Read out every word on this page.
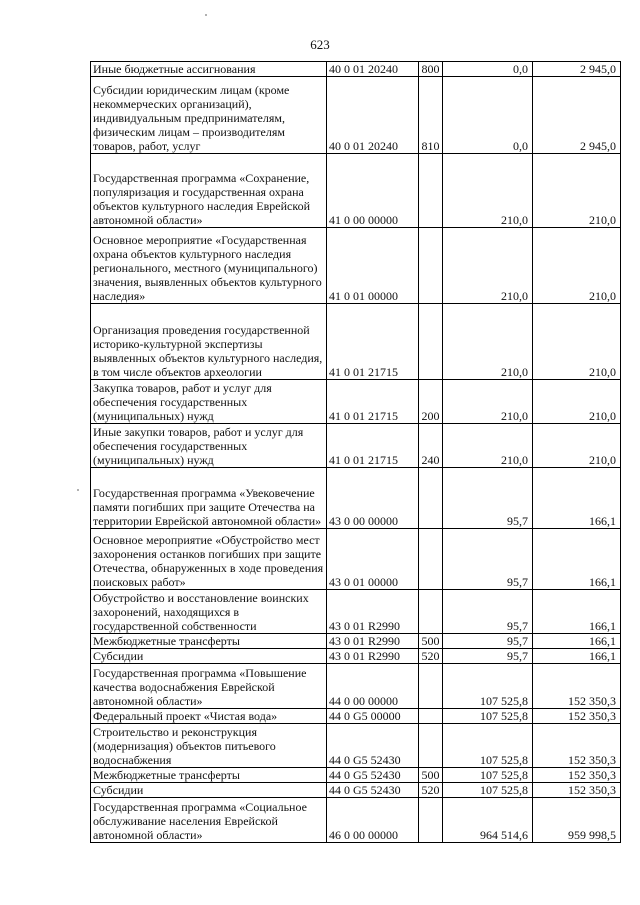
623
Иные бюджетные ассигнования	40 0 01 20240	800	0,0	2 945,0
Субсидии юридическим лицам (кроме некоммерческих организаций), индивидуальным предпринимателям, физическим лицам – производителям товаров, работ, услуг	40 0 01 20240	810	0,0	2 945,0
Государственная программа «Сохранение, популяризация и государственная охрана объектов культурного наследия Еврейской автономной области»	41 0 00 00000		210,0	210,0
Основное мероприятие «Государственная охрана объектов культурного наследия регионального, местного (муниципального) значения, выявленных объектов культурного наследия»	41 0 01 00000		210,0	210,0
Организация проведения государственной историко-культурной экспертизы выявленных объектов культурного наследия, в том числе объектов археологии	41 0 01 21715		210,0	210,0
Закупка товаров, работ и услуг для обеспечения государственных (муниципальных) нужд	41 0 01 21715	200	210,0	210,0
Иные закупки товаров, работ и услуг для обеспечения государственных (муниципальных) нужд	41 0 01 21715	240	210,0	210,0
Государственная программа «Увековечение памяти погибших при защите Отечества на территории Еврейской автономной области»	43 0 00 00000		95,7	166,1
Основное мероприятие «Обустройство мест захоронения останков погибших при защите Отечества, обнаруженных в ходе проведения поисковых работ»	43 0 01 00000		95,7	166,1
Обустройство и восстановление воинских захоронений, находящихся в государственной собственности	43 0 01 R2990		95,7	166,1
Межбюджетные трансферты	43 0 01 R2990	500	95,7	166,1
Субсидии	43 0 01 R2990	520	95,7	166,1
Государственная программа «Повышение качества водоснабжения Еврейской автономной области»	44 0 00 00000		107 525,8	152 350,3
Федеральный проект «Чистая вода»	44 0 G5 00000		107 525,8	152 350,3
Строительство и реконструкция (модернизация) объектов питьевого водоснабжения	44 0 G5 52430		107 525,8	152 350,3
Межбюджетные трансферты	44 0 G5 52430	500	107 525,8	152 350,3
Субсидии	44 0 G5 52430	520	107 525,8	152 350,3
Государственная программа «Социальное обслуживание населения Еврейской автономной области»	46 0 00 00000		964 514,6	959 998,5
